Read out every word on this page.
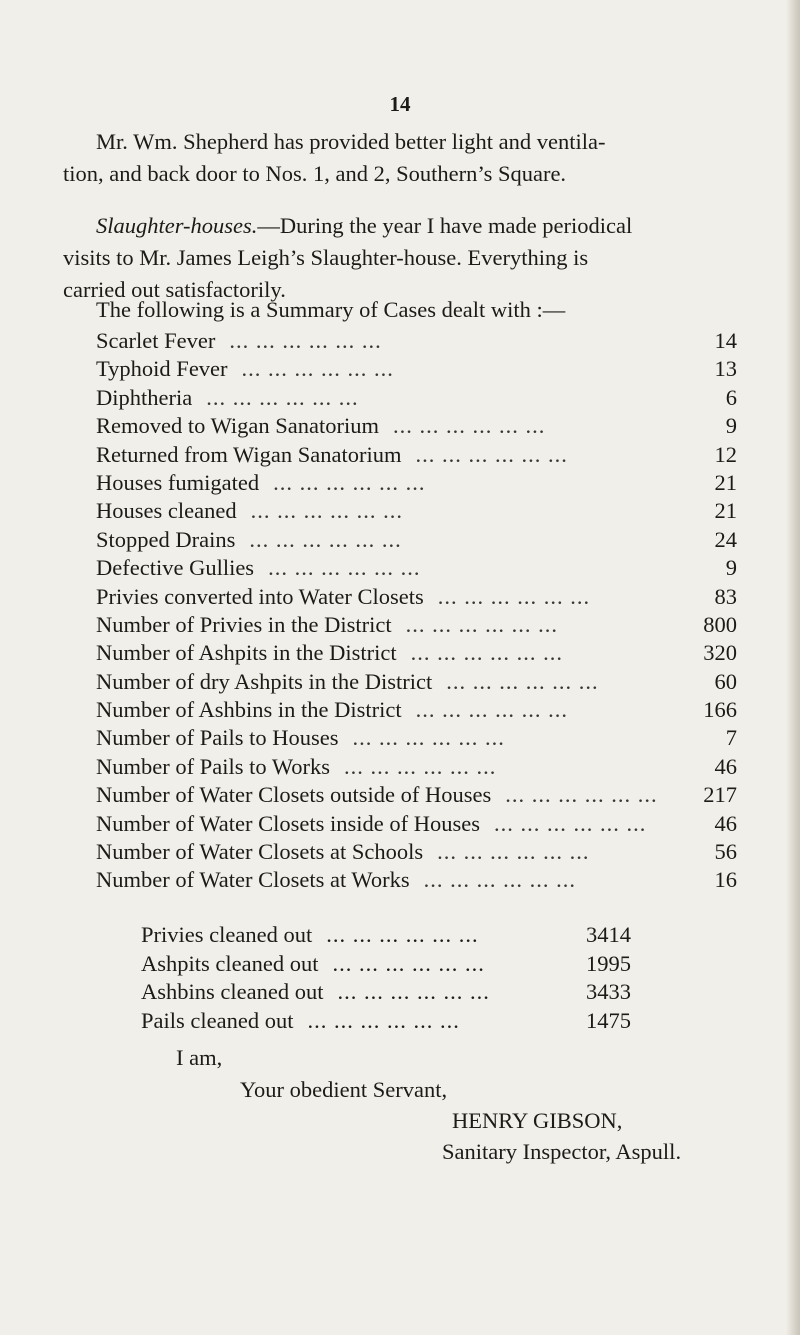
14

Mr. Wm. Shepherd has provided better light and ventila-
tion, and back door to Nos. 1, and 2, Southern’s Square.

Slaughter-houses.—During the year I have made periodical
visits to Mr. James Leigh’s Slaughter-house. Everything is
carried out satisfactorily.

The following is a Summary of Cases dealt with :—

Scarlet Fever ... ... ... ... ... ...	14
Typhoid Fever ... ... ... ... ... ...	13
Diphtheria ... ... ... ... ... ...	6
Removed to Wigan Sanatorium ... ... ... ... ... ...	9
Returned from Wigan Sanatorium ... ... ... ... ... ...	12
Houses fumigated ... ... ... ... ... ...	21
Houses cleaned ... ... ... ... ... ...	21
Stopped Drains ... ... ... ... ... ...	24
Defective Gullies ... ... ... ... ... ...	9
Privies converted into Water Closets ... ... ... ... ... ...	83
Number of Privies in the District ... ... ... ... ... ...	800
Number of Ashpits in the District ... ... ... ... ... ...	320
Number of dry Ashpits in the District ... ... ... ... ... ...	60
Number of Ashbins in the District ... ... ... ... ... ...	166
Number of Pails to Houses ... ... ... ... ... ...	7
Number of Pails to Works ... ... ... ... ... ...	46
Number of Water Closets outside of Houses ... ... ... ... ... ...	217
Number of Water Closets inside of Houses ... ... ... ... ... ...	46
Number of Water Closets at Schools ... ... ... ... ... ...	56
Number of Water Closets at Works ... ... ... ... ... ...	16
Privies cleaned out ... ... ... ... ... ...	3414
Ashpits cleaned out ... ... ... ... ... ...	1995
Ashbins cleaned out ... ... ... ... ... ...	3433
Pails cleaned out ... ... ... ... ... ...	1475
I am,
Your obedient Servant,
HENRY GIBSON,
Sanitary Inspector, Aspull.
